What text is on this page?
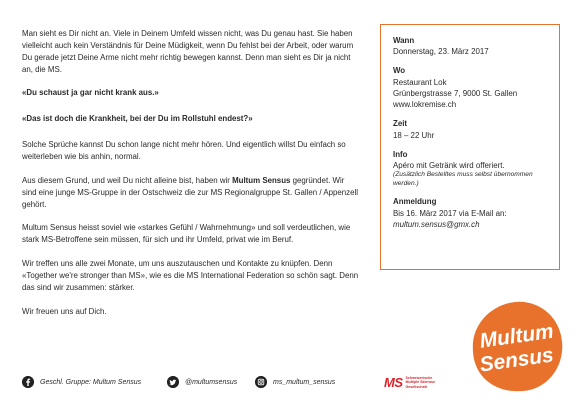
Man sieht es Dir nicht an. Viele in Deinem Umfeld wissen nicht, was Du genau hast. Sie haben vielleicht auch kein Verständnis für Deine Müdigkeit, wenn Du fehlst bei der Arbeit, oder warum Du gerade jetzt Deine Arme nicht mehr richtig bewegen kannst. Denn man sieht es Dir ja nicht an, die MS.

«Du schaust ja gar nicht krank aus.»

«Das ist doch die Krankheit, bei der Du im Rollstuhl endest?»

Solche Sprüche kannst Du schon lange nicht mehr hören. Und eigentlich willst Du einfach so weiterleben wie bis anhin, normal.

Aus diesem Grund, und weil Du nicht alleine bist, haben wir Multum Sensus gegründet. Wir sind eine junge MS-Gruppe in der Ostschweiz die zur MS Regionalgruppe St. Gallen / Appenzell gehört.

Multum Sensus heisst soviel wie «starkes Gefühl / Wahrnehmung» und soll verdeutlichen, wie stark MS-Betroffene sein müssen, für sich und ihr Umfeld, privat wie im Beruf.

Wir treffen uns alle zwei Monate, um uns auszutauschen und Kontakte zu knüpfen. Denn «Together we're stronger than MS», wie es die MS International Federation so schön sagt. Denn das sind wir zusammen: stärker.

Wir freuen uns auf Dich.

Wann
Donnerstag, 23. März 2017
Wo
Restaurant Lok
Grünbergstrasse 7, 9000 St. Gallen
www.lokremise.ch
Zeit
18 – 22 Uhr
Info
Apéro mit Getränk wird offeriert.
(Zusätzlich Bestelltes muss selbst übernommen werden.)
Anmeldung
Bis 16. März 2017 via E-Mail an:
multum.sensus@gmx.ch
Multum
Sensus
Geschl. Gruppe: Multum Sensus	@multumsensus	ms_multum_sensus	MS Schweizerische
Multiple Sklerose
Gesellschaft
